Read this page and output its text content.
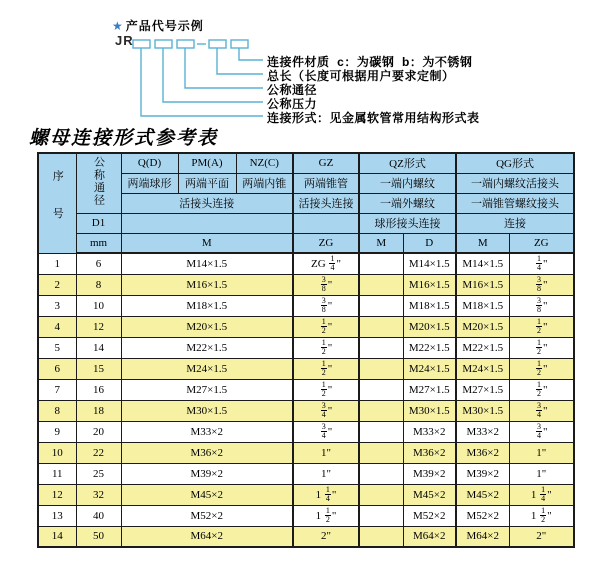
★ 产品代号示例
JR
连接件材质  c：为碳钢  b：为不锈钢
总长（长度可根据用户要求定制）
公称通径
公称压力
连接形式：见金属软管常用结构形式表
螺母连接形式参考表
序号	公称通径	Q(D)	PM(A)	NZ(C)	GZ	QZ形式		QG形式	
		两端球形	两端平面	两端内锥	两端锥管	一端内螺纹		一端内螺纹活接头	
		活接头连接			活接头连接	一端外螺纹		一端锥管螺纹接头	
	D1					球形接头连接		连接	
	mm	M			ZG	M	D	M	ZG
1	6	M14×1.5			ZG $\frac{1}{4}$ "		M14×1.5	M14×1.5	$\frac{1}{4}$ "
2	8	M16×1.5			$\frac{3}{8}$ "		M16×1.5	M16×1.5	$\frac{3}{8}$ "
3	10	M18×1.5			$\frac{3}{8}$ "		M18×1.5	M18×1.5	$\frac{3}{8}$ "
4	12	M20×1.5			$\frac{1}{2}$ "		M20×1.5	M20×1.5	$\frac{1}{2}$ "
5	14	M22×1.5			$\frac{1}{2}$ "		M22×1.5	M22×1.5	$\frac{1}{2}$ "
6	15	M24×1.5			$\frac{1}{2}$ "		M24×1.5	M24×1.5	$\frac{1}{2}$ "
7	16	M27×1.5			$\frac{1}{2}$ "		M27×1.5	M27×1.5	$\frac{1}{2}$ "
8	18	M30×1.5			$\frac{3}{4}$ "		M30×1.5	M30×1.5	$\frac{3}{4}$ "
9	20	M33×2			$\frac{3}{4}$ "		M33×2	M33×2	$\frac{3}{4}$ "
10	22	M36×2			1"		M36×2	M36×2	1"
11	25	M39×2			1"		M39×2	M39×2	1"
12	32	M45×2			$1 \frac{1}{4}$ "		M45×2	M45×2	$1 \frac{1}{4}$ "
13	40	M52×2			$1 \frac{1}{2}$ "		M52×2	M52×2	$1 \frac{1}{2}$ "
14	50	M64×2			2"		M64×2	M64×2	2"
